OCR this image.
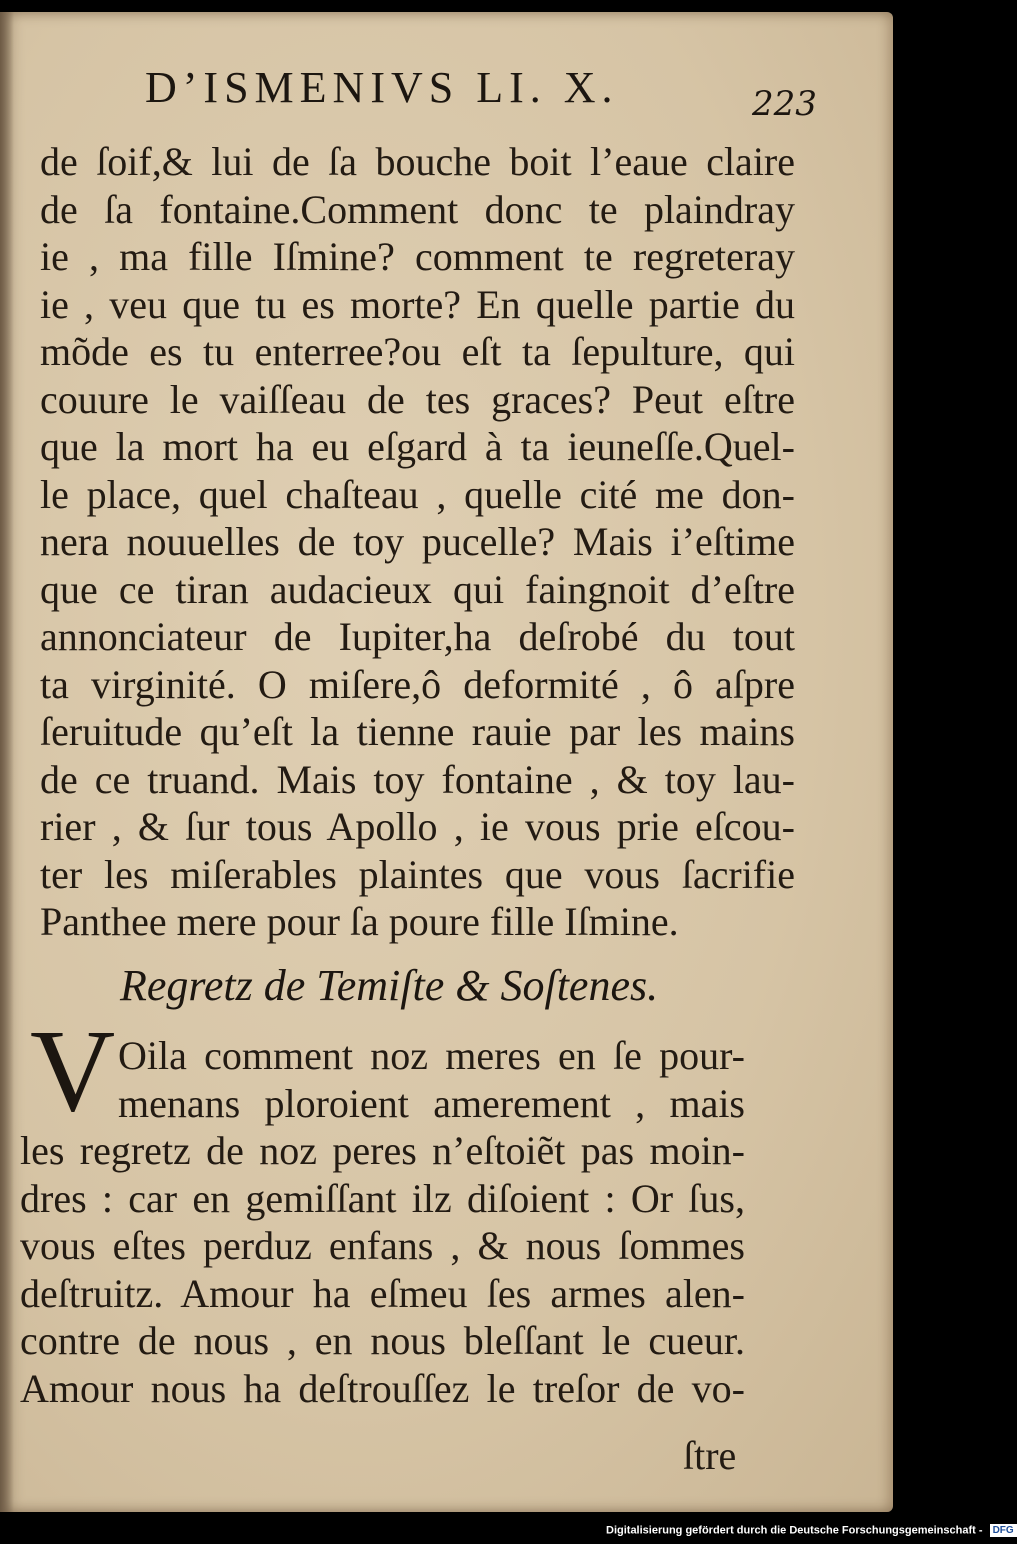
D’ISMENIVS LI. X.	223
de ſoif,& lui de ſa bouche boit l’eaue claire
de ſa fontaine.Comment donc te plaindray
ie , ma fille Iſmine? comment te regreteray
ie , veu que tu es morte? En quelle partie du
mõde es tu enterree?ou eſt ta ſepulture, qui
couure le vaiſſeau de tes graces? Peut eſtre
que la mort ha eu eſgard à ta ieuneſſe.Quel-
le place, quel chaſteau , quelle cité me don-
nera nouuelles de toy pucelle? Mais i’eſtime
que ce tiran audacieux qui faingnoit d’eſtre
annonciateur de Iupiter,ha deſrobé du tout
ta virginité. O miſere,ô deformité , ô aſpre
ſeruitude qu’eſt la tienne rauie par les mains
de ce truand. Mais toy fontaine , & toy lau-
rier , & ſur tous Apollo , ie vous prie eſcou-
ter les miſerables plaintes que vous ſacrifie
Panthee mere pour ſa poure fille Iſmine.
Regretz de Temiſte & Soſtenes.
V Oila comment noz meres en ſe pour-
menans ploroient amerement , mais
les regretz de noz peres n’eſtoiẽt pas moin-
dres : car en gemiſſant ilz diſoient : Or ſus,
vous eſtes perduz enfans , & nous ſommes
deſtruitz. Amour ha eſmeu ſes armes alen-
contre de nous , en nous bleſſant le cueur.
Amour nous ha deſtrouſſez le treſor de vo-
ſtre
Digitalisierung gefördert durch die Deutsche Forschungsgemeinschaft - DFG
